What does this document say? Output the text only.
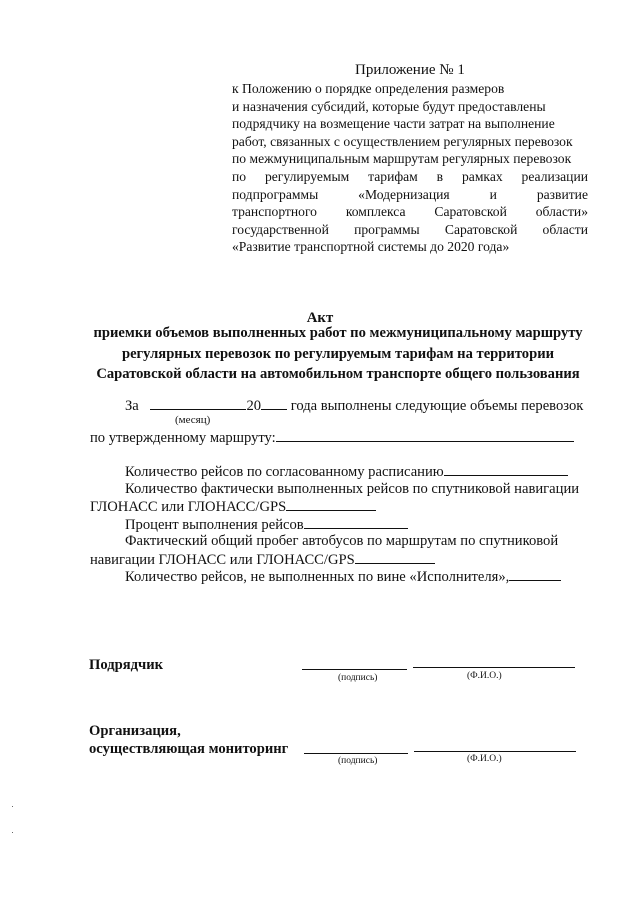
Приложение № 1
к Положению о порядке определения размеров
и назначения субсидий, которые будут предоставлены
подрядчику на возмещение части затрат на выполнение
работ, связанных с осуществлением регулярных перевозок
по межмуниципальным маршрутам регулярных перевозок
по регулируемым тарифам в рамках реализации
подпрограммы «Модернизация и развитие
транспортного комплекса Саратовской области»
государственной программы Саратовской области
«Развитие транспортной системы до 2020 года»
Акт
приемки объемов выполненных работ по межмуниципальному маршруту
регулярных перевозок по регулируемым тарифам на территории
Саратовской области на автомобильном транспорте общего пользования
За	20 года выполнены следующие объемы перевозок
(месяц)
по утвержденному маршруту:
Количество рейсов по согласованному расписанию
Количество фактически выполненных рейсов по спутниковой навигации
ГЛОНАСС или ГЛОНАСС/GPS
Процент выполнения рейсов
Фактический общий пробег автобусов по маршрутам по спутниковой
навигации ГЛОНАСС или ГЛОНАСС/GPS
Количество рейсов, не выполненных по вине «Исполнителя»,
Подрядчик
(подпись)	(Ф.И.О.)
Организация,
осуществляющая мониторинг
(подпись)	(Ф.И.О.)
